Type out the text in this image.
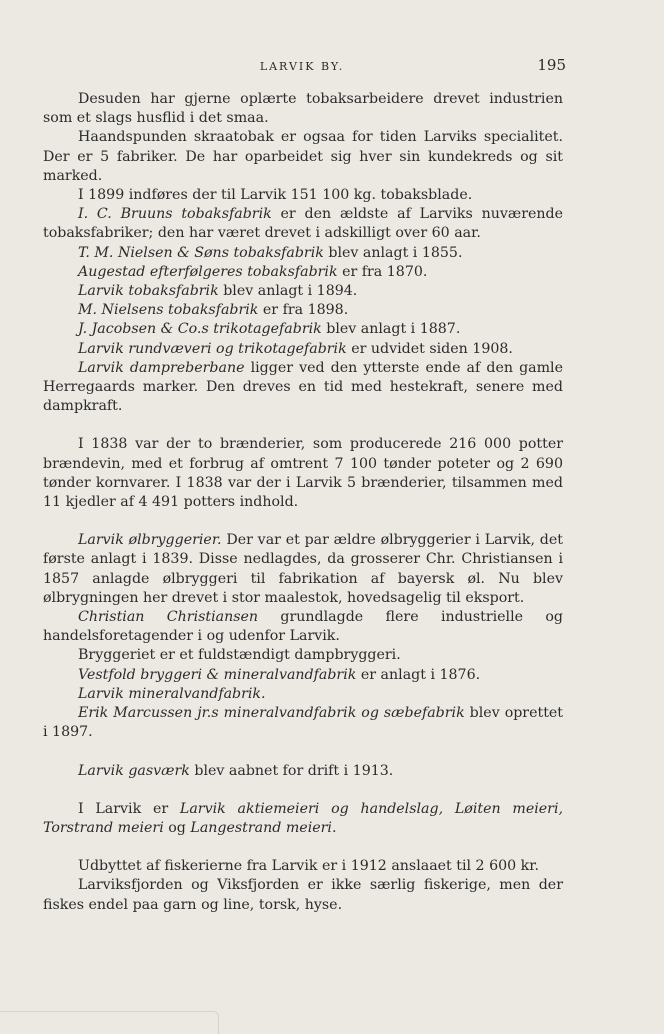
LARVIK BY.	195

Desuden har gjerne oplærte tobaksarbeidere drevet industrien som et slags husflid i det smaa.

Haandspunden skraatobak er ogsaa for tiden Larviks specialitet. Der er 5 fabriker. De har oparbeidet sig hver sin kundekreds og sit marked.

I 1899 indføres der til Larvik 151 100 kg. tobaksblade.

I. C. Bruuns tobaksfabrik er den ældste af Larviks nuværende tobaksfabriker; den har været drevet i adskilligt over 60 aar.

T. M. Nielsen & Søns tobaksfabrik blev anlagt i 1855.

Augestad efterfølgeres tobaksfabrik er fra 1870.

Larvik tobaksfabrik blev anlagt i 1894.

M. Nielsens tobaksfabrik er fra 1898.

J. Jacobsen & Co.s trikotagefabrik blev anlagt i 1887.

Larvik rundvæveri og trikotagefabrik er udvidet siden 1908.

Larvik dampreberbane ligger ved den ytterste ende af den gamle Herregaards marker. Den dreves en tid med hestekraft, senere med dampkraft.

I 1838 var der to brænderier, som producerede 216 000 potter brændevin, med et forbrug af omtrent 7 100 tønder poteter og 2 690 tønder kornvarer. I 1838 var der i Larvik 5 brænderier, tilsammen med 11 kjedler af 4 491 potters indhold.

Larvik ølbryggerier. Der var et par ældre ølbryggerier i Larvik, det første anlagt i 1839. Disse nedlagdes, da grosserer Chr. Christiansen i 1857 anlagde ølbryggeri til fabrikation af bayersk øl. Nu blev ølbrygningen her drevet i stor maalestok, hovedsagelig til eksport.

Christian Christiansen grundlagde flere industrielle og handelsforetagender i og udenfor Larvik.

Bryggeriet er et fuldstændigt dampbryggeri.

Vestfold bryggeri & mineralvandfabrik er anlagt i 1876.

Larvik mineralvandfabrik.

Erik Marcussen jr.s mineralvandfabrik og sæbefabrik blev oprettet i 1897.

Larvik gasværk blev aabnet for drift i 1913.

I Larvik er Larvik aktiemeieri og handelslag, Løiten meieri, Torstrand meieri og Langestrand meieri.

Udbyttet af fiskerierne fra Larvik er i 1912 anslaaet til 2 600 kr.

Larviksfjorden og Viksfjorden er ikke særlig fiskerige, men der fiskes endel paa garn og line, torsk, hyse.
